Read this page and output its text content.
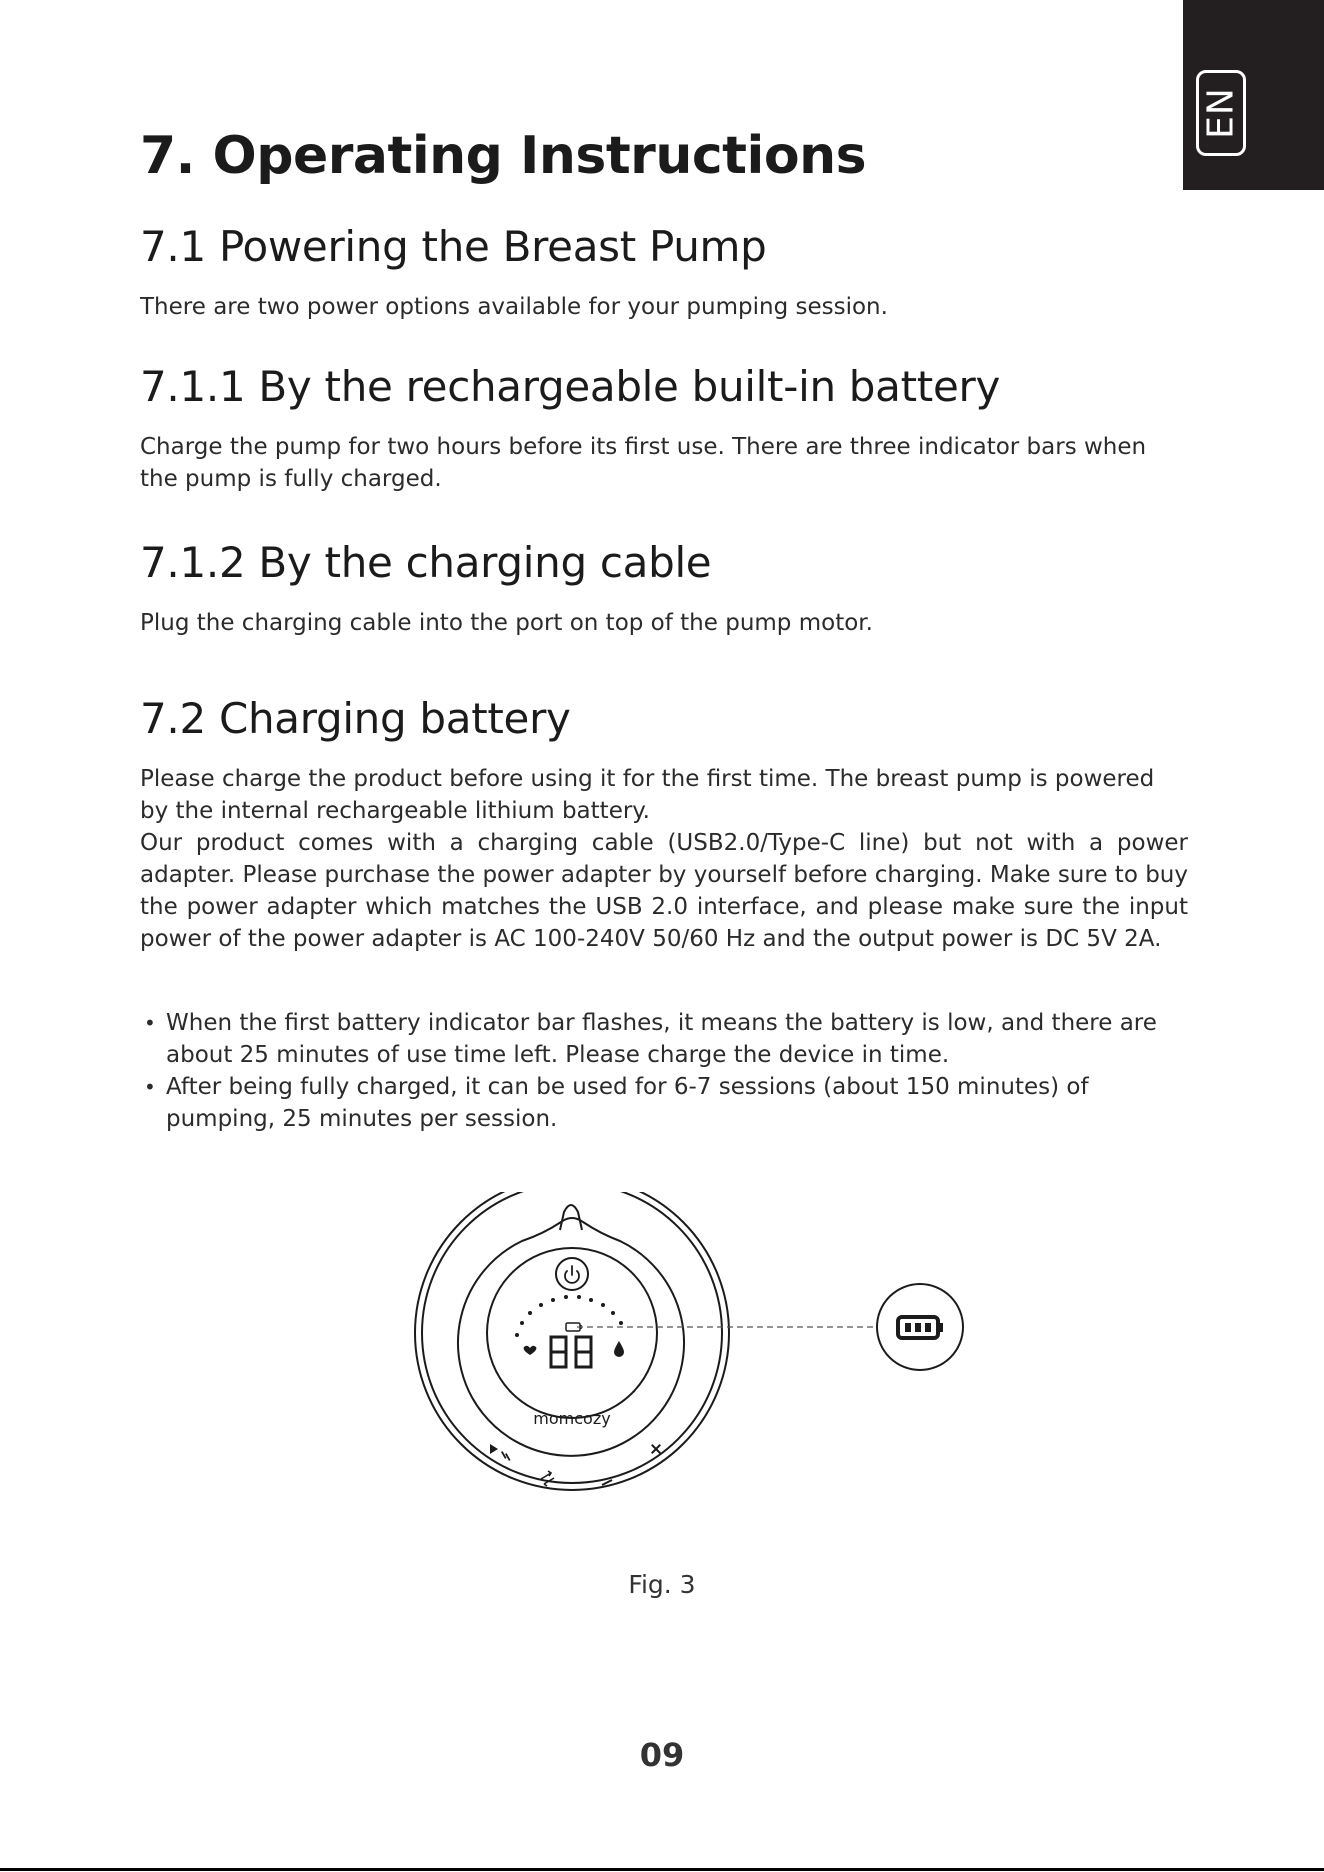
EN
7. Operating Instructions
7.1 Powering the Breast Pump

There are two power options available for your pumping session.

7.1.1 By the rechargeable built-in battery

Charge the pump for two hours before its first use. There are three indicator bars when the pump is fully charged.

7.1.2 By the charging cable

Plug the charging cable into the port on top of the pump motor.

7.2 Charging battery

Please charge the product before using it for the first time. The breast pump is powered by the internal rechargeable lithium battery.

Our product comes with a charging cable (USB2.0/Type-C line) but not with a power adapter. Please purchase the power adapter by yourself before charging. Make sure to buy the power adapter which matches the USB 2.0 interface, and please make sure the input power of the power adapter is AC 100-240V 50/60 Hz and the output power is DC 5V 2A.

• When the first battery indicator bar flashes, it means the battery is low, and there are about 25 minutes of use time left. Please charge the device in time.
• After being fully charged, it can be used for 6-7 sessions (about 150 minutes) of pumping, 25 minutes per session.
momcozy
Fig. 3
09
